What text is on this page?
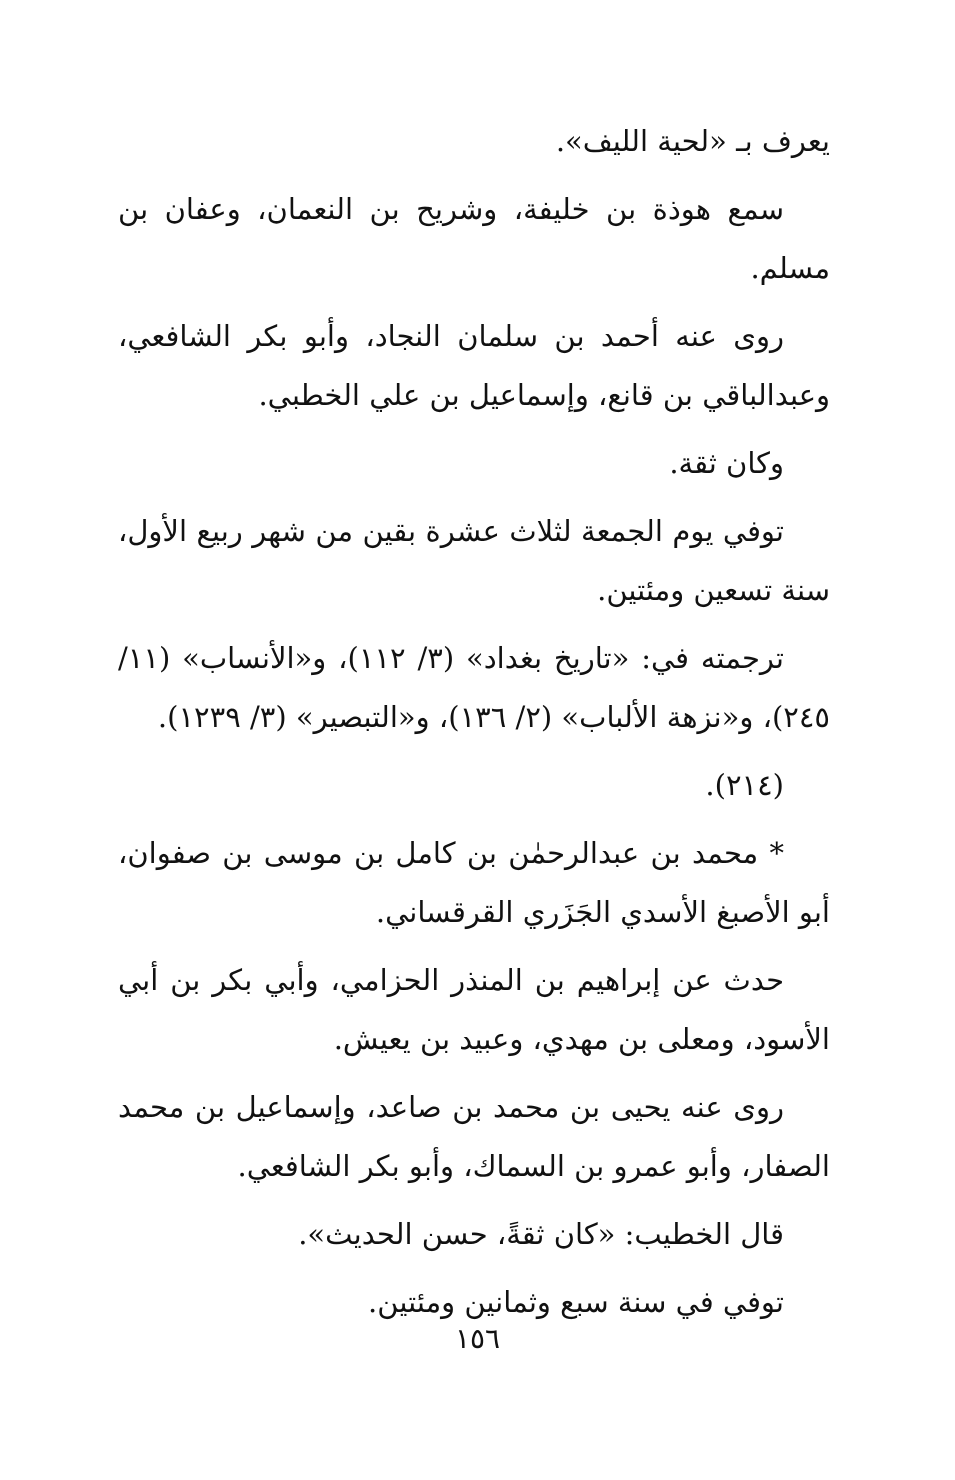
يعرف بـ «لحية الليف».

سمع هوذة بن خليفة، وشريح بن النعمان، وعفان بن مسلم.

روى عنه أحمد بن سلمان النجاد، وأبو بكر الشافعي، وعبدالباقي بن قانع، وإسماعيل بن علي الخطبي.

وكان ثقة.

توفي يوم الجمعة لثلاث عشرة بقين من شهر ربيع الأول، سنة تسعين ومئتين.

ترجمته في: «تاريخ بغداد» (٣/ ١١٢)، و«الأنساب» (١١/ ٢٤٥)، و«نزهة الألباب» (٢/ ١٣٦)، و«التبصير» (٣/ ١٢٣٩).

(٢١٤).

* محمد بن عبدالرحمٰن بن كامل بن موسى بن صفوان، أبو الأصبغ الأسدي الجَزَري القرقساني.

حدث عن إبراهيم بن المنذر الحزامي، وأبي بكر بن أبي الأسود، ومعلى بن مهدي، وعبيد بن يعيش.

روى عنه يحيى بن محمد بن صاعد، وإسماعيل بن محمد الصفار، وأبو عمرو بن السماك، وأبو بكر الشافعي.

قال الخطيب: «كان ثقةً، حسن الحديث».

توفي في سنة سبع وثمانين ومئتين.

١٥٦
